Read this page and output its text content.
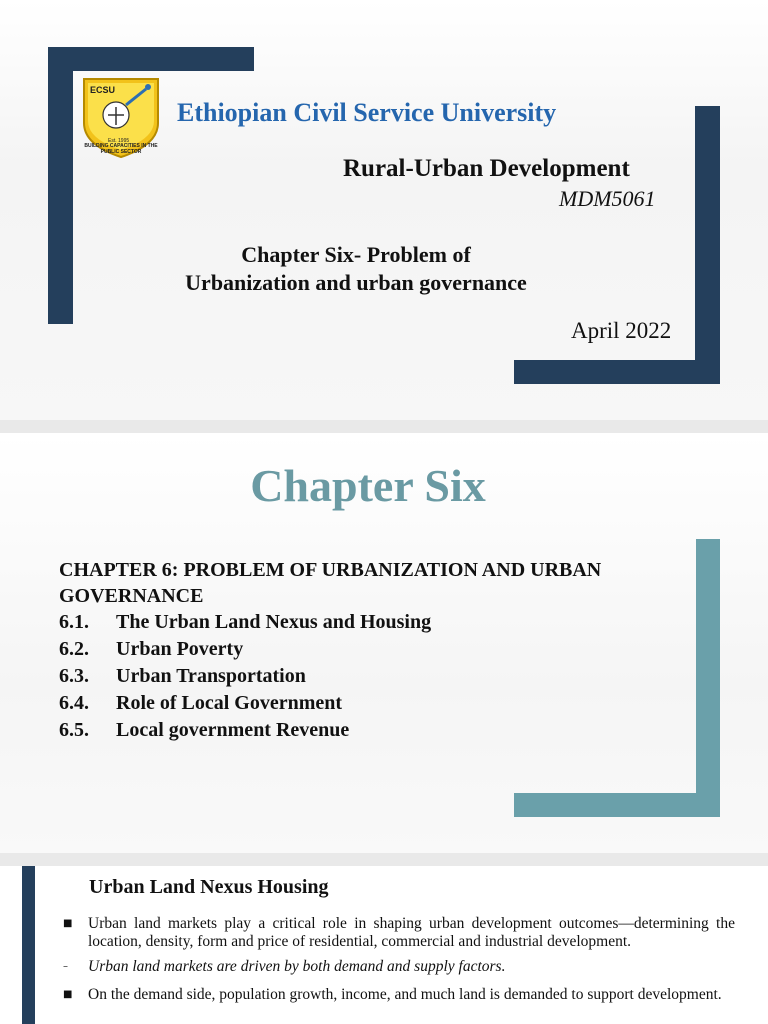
ECSU
Est. 1995
BUILDING CAPACITIES IN THE PUBLIC SECTOR
Ethiopian Civil Service University
Rural-Urban Development
MDM5061
Chapter Six- Problem of
Urbanization and urban governance
April 2022
Chapter Six
CHAPTER 6: PROBLEM OF URBANIZATION AND URBAN GOVERNANCE
6.1. The Urban Land Nexus and Housing
6.2. Urban Poverty
6.3. Urban Transportation
6.4. Role of Local Government
6.5. Local government Revenue
Urban Land Nexus Housing
■	Urban land markets play a critical role in shaping urban development outcomes—determining the location, density, form and price of residential, commercial and industrial development.
–	Urban land markets are driven by both demand and supply factors.
■	On the demand side, population growth, income, and much land is demanded to support development.
